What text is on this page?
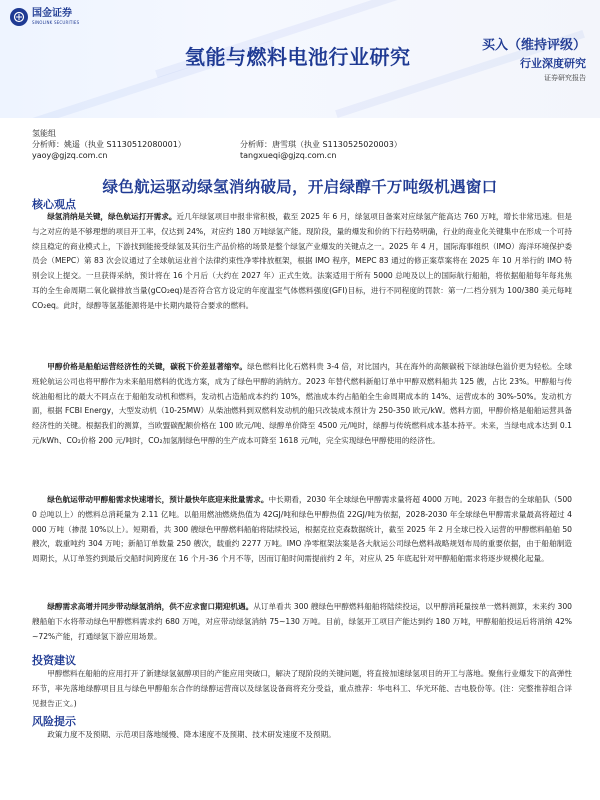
国金证券
SINOLINK SECURITIES
氢能与燃料电池行业研究	买入（维持评级）
行业深度研究
证券研究报告
氢能组
分析师：姚遥（执业 S1130512080001）	分析师：唐雪琪（执业 S1130525020003）
yaoy@gjzq.com.cn	tangxueqi@gjzq.com.cn
绿色航运驱动绿氢消纳破局，开启绿醇千万吨级机遇窗口
核心观点
绿氢消纳是关键，绿色航运打开需求。近几年绿氢项目申报非常积极，截至 2025 年 6 月，绿氢项目备案对应绿氢产能高达 760 万吨，增长非常迅速。但是与之对应的是不够理想的项目开工率，仅达到 24%，对应约 180 万吨绿氢产能。现阶段，量的爆发和价的下行趋势明确，行业的商业化关键集中在形成一个可持续且稳定的商业模式上，下游找到能接受绿氢及其衍生产品价格的场景是整个绿氢产业爆发的关键点之一。2025 年 4 月，国际海事组织（IMO）海洋环境保护委员会（MEPC）第 83 次会议通过了全球航运业首个法律约束性净零排放框架，根据 IMO 程序，MEPC 83 通过的修正案草案将在 2025 年 10 月举行的 IMO 特别会议上提交。一旦获得采纳，预计将在 16 个月后（大约在 2027 年）正式生效。法案适用于所有 5000 总吨及以上的国际航行船舶，将依据船舶每年每兆焦耳的全生命周期二氧化碳排放当量(gCO₂eq)是否符合官方设定的年度温室气体燃料强度(GFI)目标，进行不同程度的罚款：第一/二档分别为 100/380 美元每吨 CO₂eq。此时，绿醇等氢基能源将是中长期内最符合要求的燃料。
甲醇价格是船舶运营经济性的关键，碳税下价差显著缩窄。绿色燃料比化石燃料贵 3-4 倍，对比国内，其在海外的高额碳税下绿油绿色溢价更为轻松。全球班轮航运公司也将甲醇作为未来船用燃料的优选方案，成为了绿色甲醇的消纳方。2023 年替代燃料新船订单中甲醇双燃料船共 125 艘，占比 23%。甲醇船与传统油船相比的最大不同点在于船舶发动机和燃料，发动机占造船成本约约 10%，燃油成本约占船舶全生命周期成本的 14%、运营成本的 30%-50%。发动机方面，根据 FCBI Energy，大型发动机（10-25MW）从柴油燃料到双燃料发动机的船只改装成本预计为 250-350 欧元/kW。燃料方面，甲醇价格是船舶运营具备经济性的关键。根据我们的测算，当欧盟碳配额价格在 100 欧元/吨、绿醇单价降至 4500 元/吨时，绿醇与传统燃料成本基本持平。未来，当绿电成本达到 0.1 元/kWh、CO₂价格 200 元/吨时，CO₂加氢制绿色甲醇的生产成本可降至 1618 元/吨，完全实现绿色甲醇使用的经济性。
绿色航运带动甲醇船需求快速增长，预计最快年底迎来批量需求。中长期看，2030 年全球绿色甲醇需求量将超 4000 万吨。2023 年报告的全球船队（5000 总吨以上）的燃料总消耗量为 2.11 亿吨。以船用燃油燃烧热值为 42GJ/吨和绿色甲醇热值 22GJ/吨为依据，2028-2030 年全球绿色甲醇需求量最高将超过 4000 万吨（掺混 10%以上）。短期看，共 300 艘绿色甲醇燃料船舶将陆续投运，根据克拉克森数据统计，截至 2025 年 2 月全球已投入运营的甲醇燃料船舶 50 艘次，载重吨约 304 万吨；新船订单数量 250 艘次，载重约 2277 万吨。IMO 净零框架法案是各大航运公司绿色燃料战略规划布局的重要依据，由于船舶制造周期长，从订单签约到最后交船时间跨度在 16 个月-36 个月不等，因而订船时间需提前约 2 年，对应从 25 年底起针对甲醇船舶需求将逐步规模化起量。
绿醇需求高增并同步带动绿氢消纳，供不应求窗口期迎机遇。从订单看共 300 艘绿色甲醇燃料船舶将陆续投运，以甲醇消耗量按单一燃料测算，未来约 300 艘船舶下水将带动绿色甲醇燃料需求约 680 万吨，对应带动绿氢消纳 75~130 万吨。目前，绿氢开工项目产能达到约 180 万吨，甲醇船舶投运后将消纳 42%~72%产能，打通绿氢下游应用场景。
投资建议
甲醇燃料在船舶的应用打开了新建绿氢氨醇项目的产能应用突破口，解决了现阶段的关键问题，将直接加速绿氢项目的开工与落地。聚焦行业爆发下的高弹性环节，率先落地绿醇项目且与绿色甲醇船东合作的绿醇运营商以及绿氢设备商将充分受益，重点推荐：华电科工、华光环能、吉电股份等。(注：完整推荐组合详见报告正文。)
风险提示
政策力度不及预期、示范项目落地缓慢、降本速度不及预期、技术研发速度不及预期。
